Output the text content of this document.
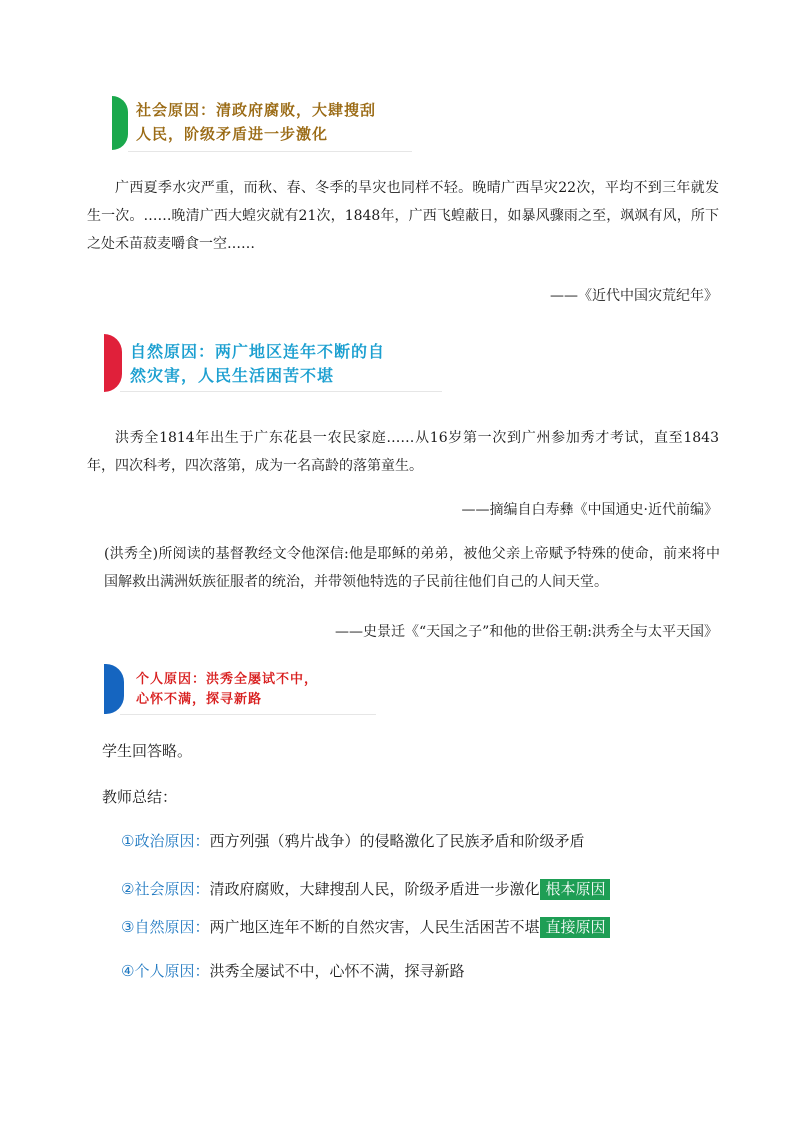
社会原因：清政府腐败，大肆搜刮
人民，阶级矛盾进一步激化

广西夏季水灾严重，而秋、春、冬季的旱灾也同样不轻。晚晴广西旱灾22次，平均不到三年就发生一次。……晚清广西大蝗灾就有21次，1848年，广西飞蝗蔽日，如暴风骤雨之至，飒飒有风，所下之处禾苗菽麦嚼食一空……

——《近代中国灾荒纪年》
自然原因：两广地区连年不断的自
然灾害，人民生活困苦不堪

洪秀全1814年出生于广东花县一农民家庭……从16岁第一次到广州参加秀才考试，直至1843年，四次科考，四次落第，成为一名高龄的落第童生。

——摘编自白寿彝《中国通史·近代前编》

(洪秀全)所阅读的基督教经文令他深信:他是耶稣的弟弟，被他父亲上帝赋予特殊的使命，前来将中国解救出满洲妖族征服者的统治，并带领他特选的子民前往他们自己的人间天堂。

——史景迁《“天国之子”和他的世俗王朝:洪秀全与太平天国》
个人原因：洪秀全屡试不中，
心怀不满，探寻新路
学生回答略。
教师总结：
①政治原因：西方列强（鸦片战争）的侵略激化了民族矛盾和阶级矛盾
②社会原因：清政府腐败，大肆搜刮人民，阶级矛盾进一步激化 根本原因
③自然原因：两广地区连年不断的自然灾害，人民生活困苦不堪 直接原因
④个人原因：洪秀全屡试不中，心怀不满，探寻新路
